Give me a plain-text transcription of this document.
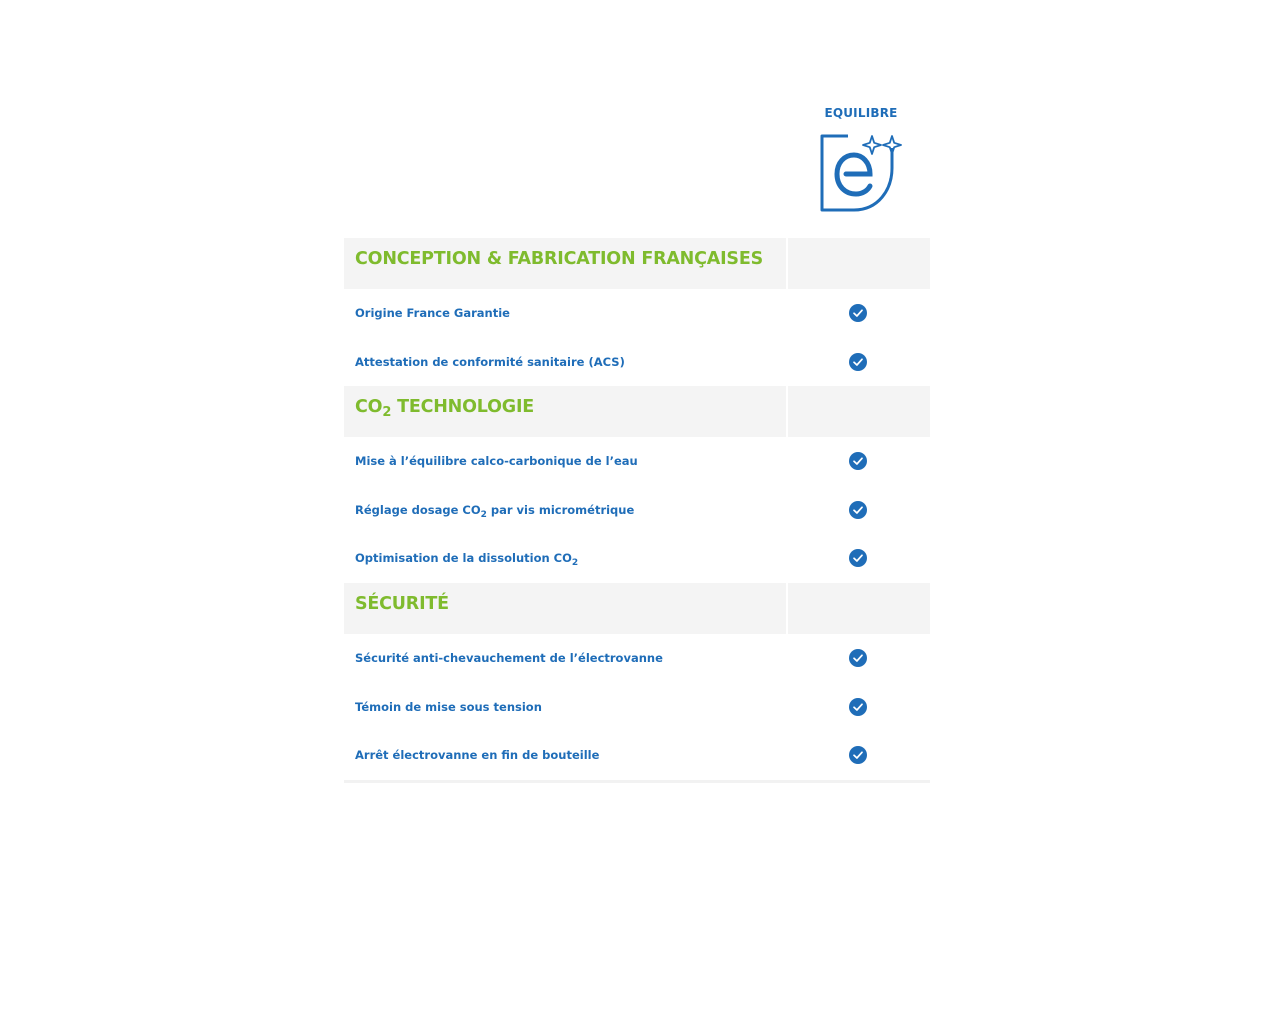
EQUILIBRE
CONCEPTION & FABRICATION FRANÇAISES
Origine France Garantie
Attestation de conformité sanitaire (ACS)
$CO_2$ TECHNOLOGIE
Mise à l’équilibre calco-carbonique de l’eau
Réglage dosage $CO_2$ par vis micrométrique
Optimisation de la dissolution $CO_2$
SÉCURITÉ
Sécurité anti-chevauchement de l’électrovanne
Témoin de mise sous tension
Arrêt électrovanne en fin de bouteille
